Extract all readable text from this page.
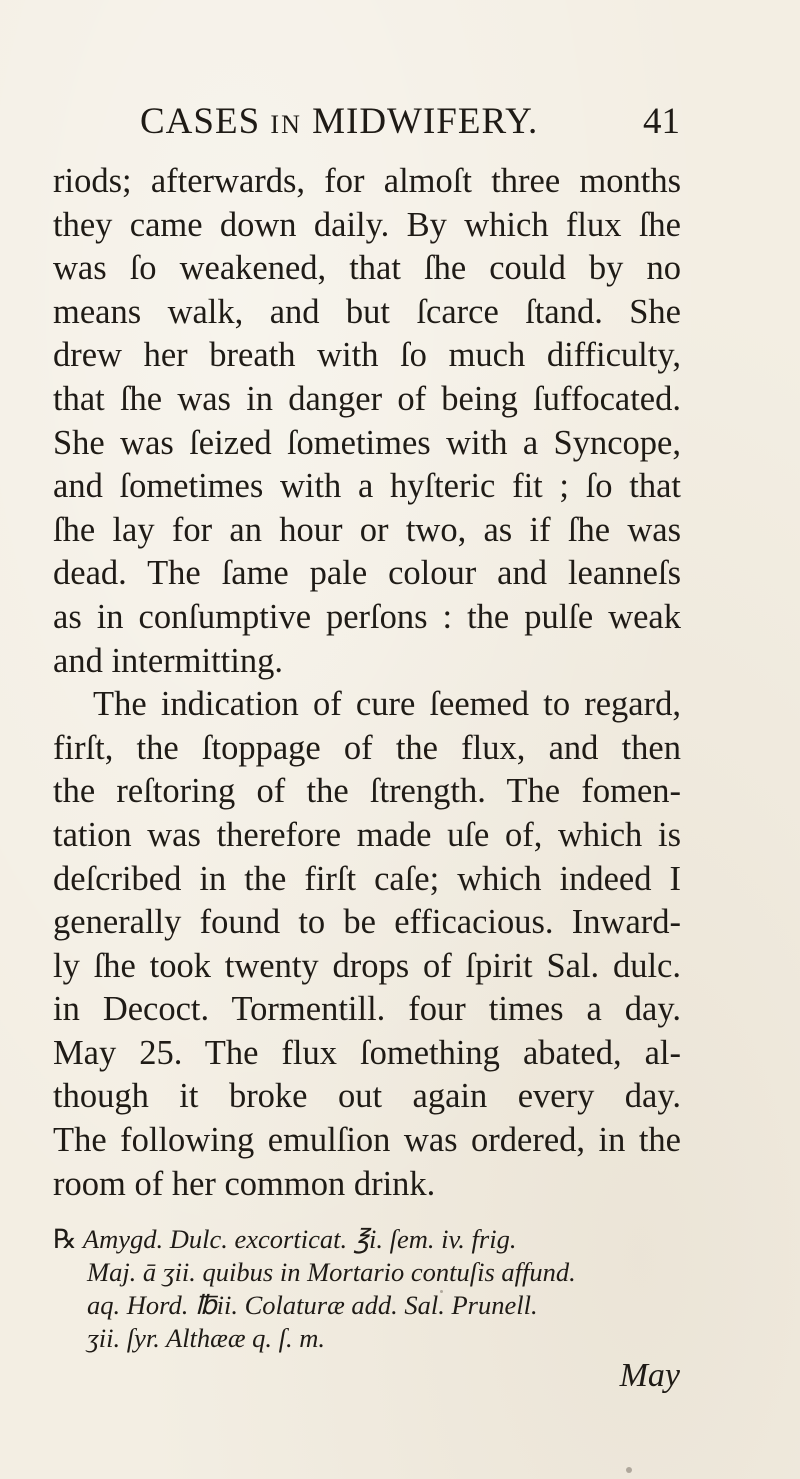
CASES IN MIDWIFERY.	41
riods; afterwards, for almoſt three months
they came down daily. By which flux ſhe
was ſo weakened, that ſhe could by no
means walk, and but ſcarce ſtand. She
drew her breath with ſo much difficulty,
that ſhe was in danger of being ſuffocated.
She was ſeized ſometimes with a Syncope,
and ſometimes with a hyſteric fit ; ſo that
ſhe lay for an hour or two, as if ſhe was
dead. The ſame pale colour and leanneſs
as in conſumptive perſons : the pulſe weak
and intermitting.
The indication of cure ſeemed to regard,
firſt, the ſtoppage of the flux, and then
the reſtoring of the ſtrength. The fomen-
tation was therefore made uſe of, which is
deſcribed in the firſt caſe; which indeed I
generally found to be efficacious. Inward-
ly ſhe took twenty drops of ſpirit Sal. dulc.
in Decoct. Tormentill. four times a day.
May 25. The flux ſomething abated, al-
though it broke out again every day.
The following emulſion was ordered, in the
room of her common drink.
℞ Amygd. Dulc. excorticat. ℥i. ſem. iv. frig.
Maj. ā ʒii. quibus in Mortario contuſis affund.
aq. Hord. ℔ii. Colaturæ add. Sal. Prunell.
ʒii. ſyr. Althææ q. ſ. m.
May
